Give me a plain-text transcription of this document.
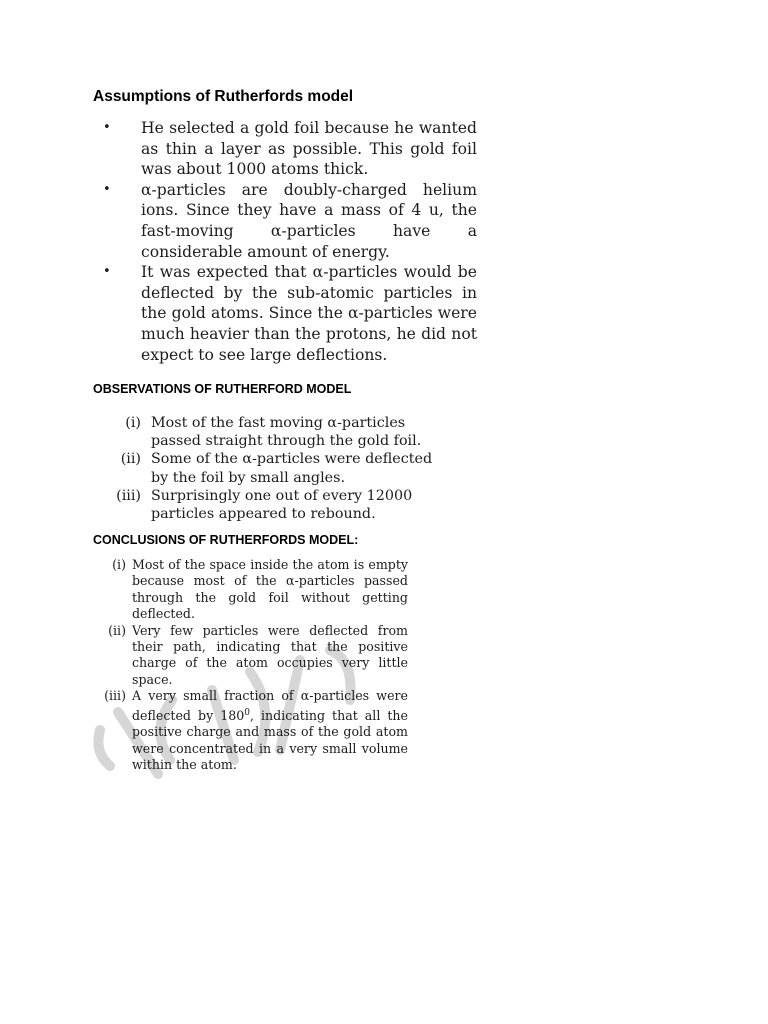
Assumptions of Rutherfords model
•	He selected a gold foil because he wanted as thin a layer as possible. This gold foil was about 1000 atoms thick.
•	α-particles are doubly-charged helium ions. Since they have a mass of 4 u, the fast-moving α-particles have a considerable amount of energy.
•	It was expected that α-particles would be deflected by the sub-atomic particles in the gold atoms. Since the α-particles were much heavier than the protons, he did not expect to see large deflections.
OBSERVATIONS OF RUTHERFORD MODEL
(i) Most of the fast moving α-particles passed straight through the gold foil.
(ii) Some of the α-particles were deflected by the foil by small angles.
(iii) Surprisingly one out of every 12000 particles appeared to rebound.
CONCLUSIONS OF RUTHERFORDS MODEL:
(i) Most of the space inside the atom is empty because most of the α-particles passed through the gold foil without getting deflected.
(ii) Very few particles were deflected from their path, indicating that the positive charge of the atom occupies very little space.
(iii) A very small fraction of α-particles were deflected by $180^0$, indicating that all the positive charge and mass of the gold atom were concentrated in a very small volume within the atom.
